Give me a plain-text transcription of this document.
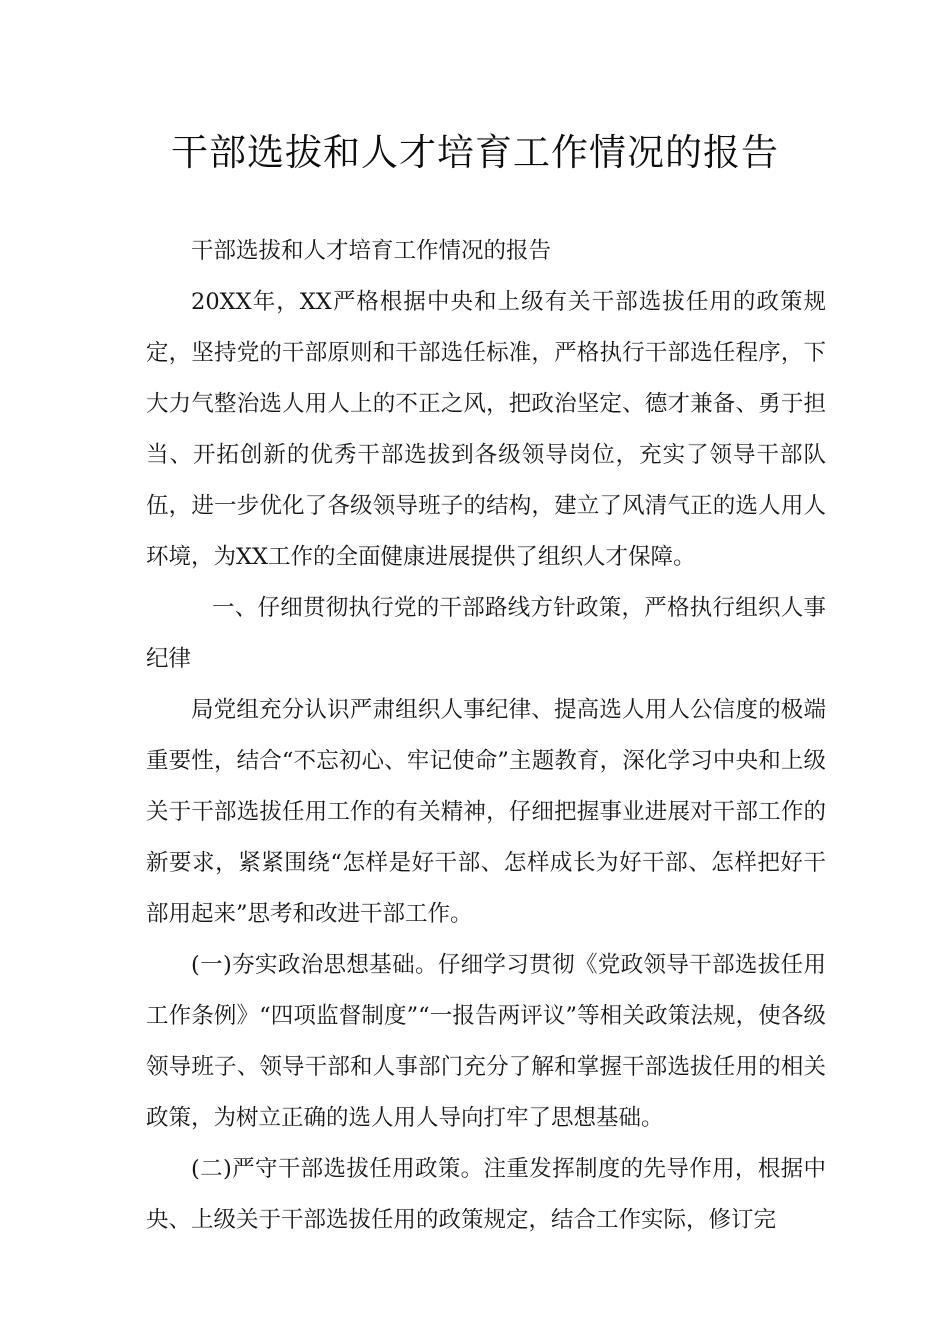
干部选拔和人才培育工作情况的报告

干部选拔和人才培育工作情况的报告

20XX年，XX严格根据中央和上级有关干部选拔任用的政策规定，坚持党的干部原则和干部选任标准，严格执行干部选任程序，下大力气整治选人用人上的不正之风，把政治坚定、德才兼备、勇于担当、开拓创新的优秀干部选拔到各级领导岗位，充实了领导干部队伍，进一步优化了各级领导班子的结构，建立了风清气正的选人用人环境，为XX工作的全面健康进展提供了组织人才保障。

一、仔细贯彻执行党的干部路线方针政策，严格执行组织人事纪律

局党组充分认识严肃组织人事纪律、提高选人用人公信度的极端重要性，结合“不忘初心、牢记使命”主题教育，深化学习中央和上级关于干部选拔任用工作的有关精神，仔细把握事业进展对干部工作的新要求，紧紧围绕“怎样是好干部、怎样成长为好干部、怎样把好干部用起来”思考和改进干部工作。

(一)夯实政治思想基础。仔细学习贯彻《党政领导干部选拔任用工作条例》“四项监督制度”“一报告两评议”等相关政策法规，使各级领导班子、领导干部和人事部门充分了解和掌握干部选拔任用的相关政策，为树立正确的选人用人导向打牢了思想基础。

(二)严守干部选拔任用政策。注重发挥制度的先导作用，根据中央、上级关于干部选拔任用的政策规定，结合工作实际，修订完
